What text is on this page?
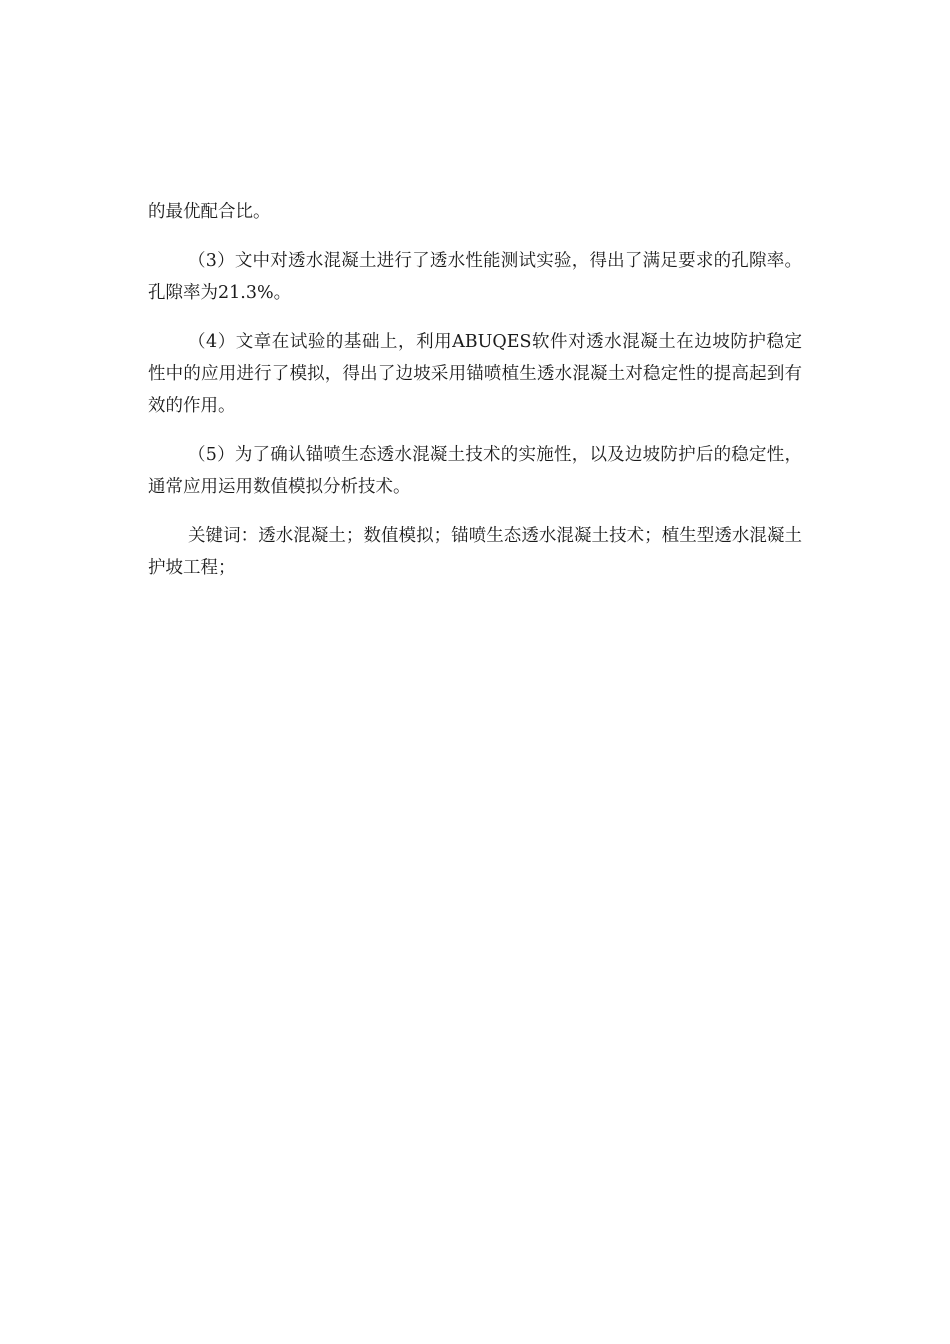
的最优配合比。

（3）文中对透水混凝土进行了透水性能测试实验，得出了满足要求的孔隙率。孔隙率为21.3%。

（4）文章在试验的基础上，利用ABUQES软件对透水混凝土在边坡防护稳定性中的应用进行了模拟，得出了边坡采用锚喷植生透水混凝土对稳定性的提高起到有效的作用。

（5）为了确认锚喷生态透水混凝土技术的实施性，以及边坡防护后的稳定性，通常应用运用数值模拟分析技术。

关键词：透水混凝土；数值模拟；锚喷生态透水混凝土技术；植生型透水混凝土护坡工程；
